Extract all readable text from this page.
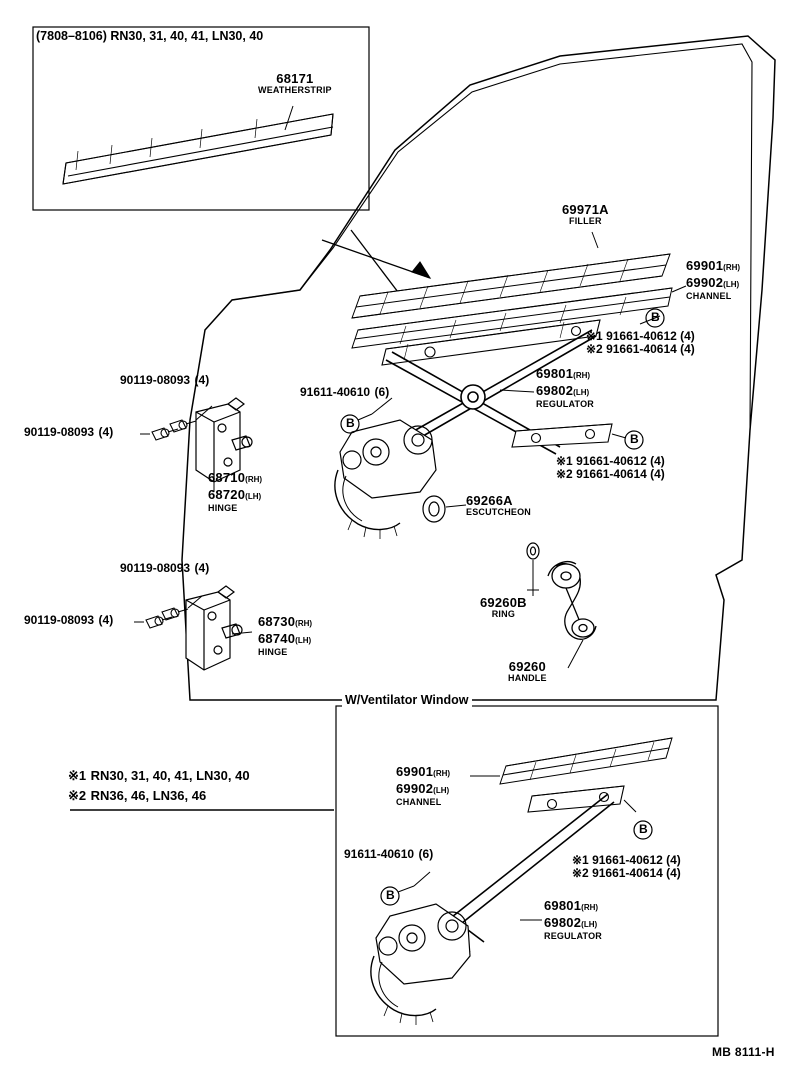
(7808–8106) RN30, 31, 40, 41, LN30, 40
68171
WEATHERSTRIP
69971A
FILLER
69901(RH)
69902(LH)
CHANNEL
※1 91661-40612 (4)
※2 91661-40614 (4)
69801(RH)
69802(LH)
REGULATOR
91611-40610 (6)
※1 91661-40612 (4)
※2 91661-40614 (4)
90119-08093 (4)
90119-08093 (4)
68710(RH)
68720(LH)
HINGE
90119-08093 (4)
90119-08093 (4)	68730(RH)
68740(LH)
HINGE
69266A
ESCUTCHEON
69260B
RING
69260
HANDLE
W/Ventilator Window
69901(RH)
69902(LH)
CHANNEL
91611-40610 (6)	※1 91661-40612 (4)
※2 91661-40614 (4)
69801(RH)
69802(LH)
REGULATOR
※1 RN30, 31, 40, 41, LN30, 40
※2 RN36, 46, LN36, 46
B
B
B
B
B
MB 8111-H
